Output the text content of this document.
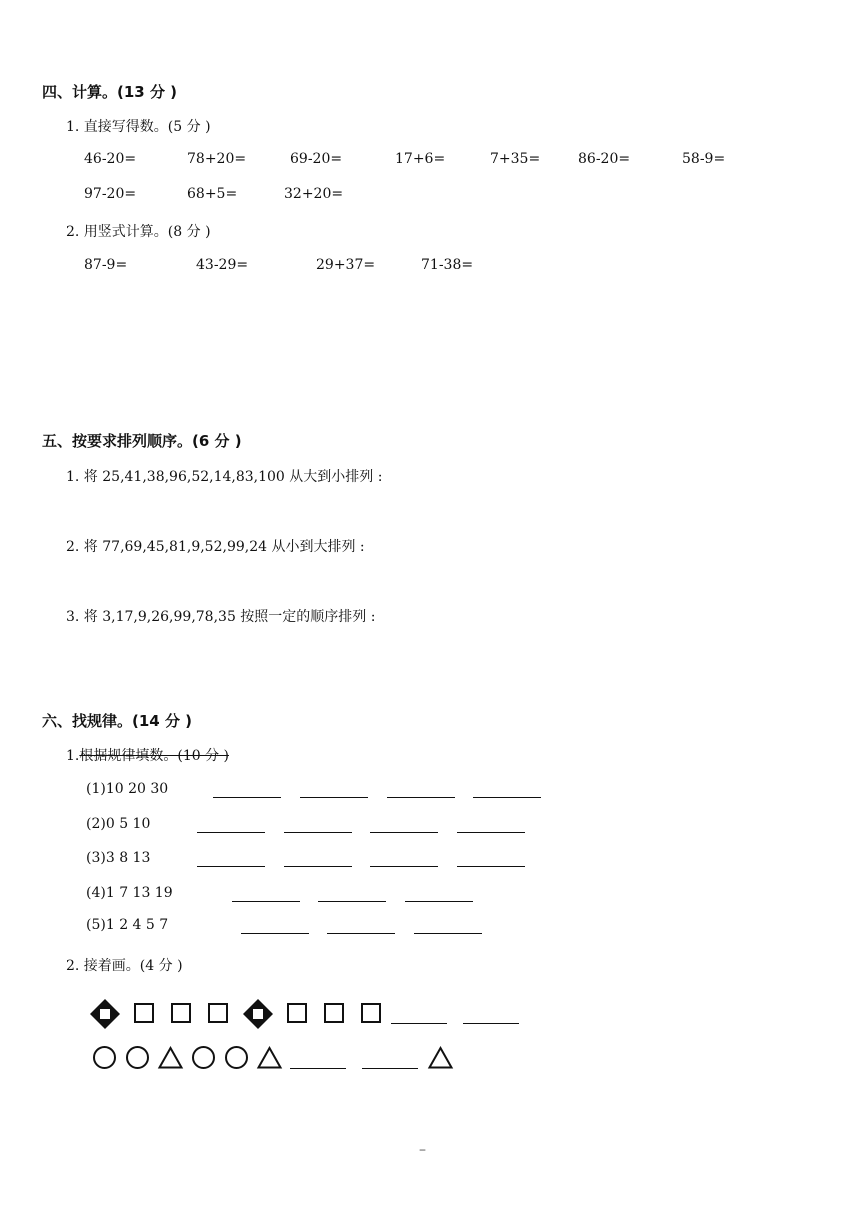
四、计算。(13 分 )
1. 直接写得数。(5 分 )
46-20=	78+20=	69-20=	17+6=	7+35=	86-20=	58-9=
97-20=	68+5=	32+20=
2. 用竖式计算。(8 分 )
87-9=	43-29=	29+37=	71-38=
五、按要求排列顺序。(6 分 )
1. 将 25,41,38,96,52,14,83,100 从大到小排列 :
2. 将 77,69,45,81,9,52,99,24 从小到大排列 :
3. 将 3,17,9,26,99,78,35 按照一定的顺序排列 :
六、找规律。(14 分 )
1.根据规律填数。(10 分 )
(1)10 20 30
(2)0 5 10
(3)3 8 13
(4)1 7 13 19
(5)1 2 4 5 7
2. 接着画。(4 分 )
–
